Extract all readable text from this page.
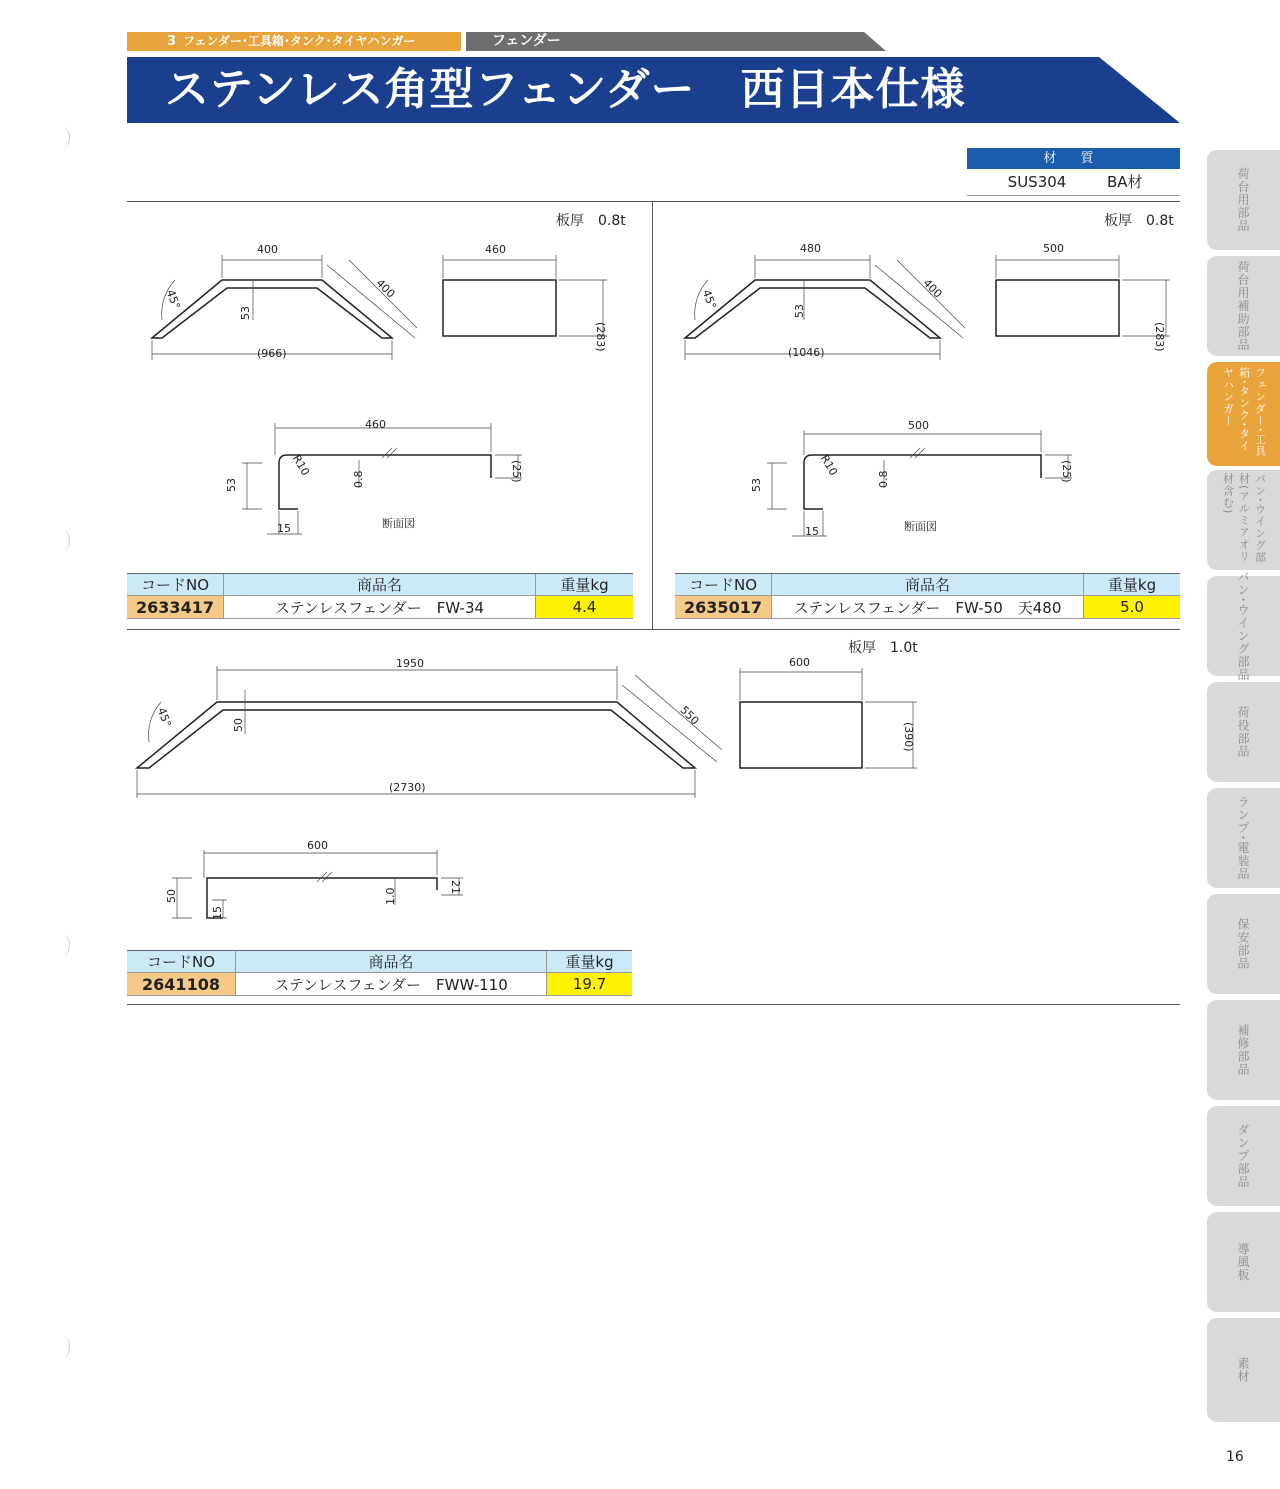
3 フェンダー･工具箱･タンク･タイヤハンガー	フェンダー
ステンレス角型フェンダー　西日本仕様
材 質
SUS304	BA材
板厚　0.8t	板厚　0.8t
板厚　1.0t
400	460
(966)
45°
53
400
(283)
460
R10
53	0.8	(25)
15	断面図
480	500
(1046)
45°
53
400
(283)
500
R10
53	0.8	(25)
15	断面図
1950	600
(2730)
45°	50	550
(390)
600
50	1.0
21
15
コードNO	商品名	重量kg
2633417	ステンレスフェンダー　FW-34	4.4
コードNO	商品名	重量kg
2635017	ステンレスフェンダー　FW-50　天480	5.0
コードNO	商品名	重量kg
2641108	ステンレスフェンダー　FWW-110	19.7
荷台用部品
荷台用補助部品
フェンダー･工具箱･タンク･タイヤハンガー
バン･ウイング部材(アルミアオリ材含む)
バン･ウイング部品
荷役部品
ランプ･電装品
保安部品
補修部品
ダンプ部品
導風板
素材
16
